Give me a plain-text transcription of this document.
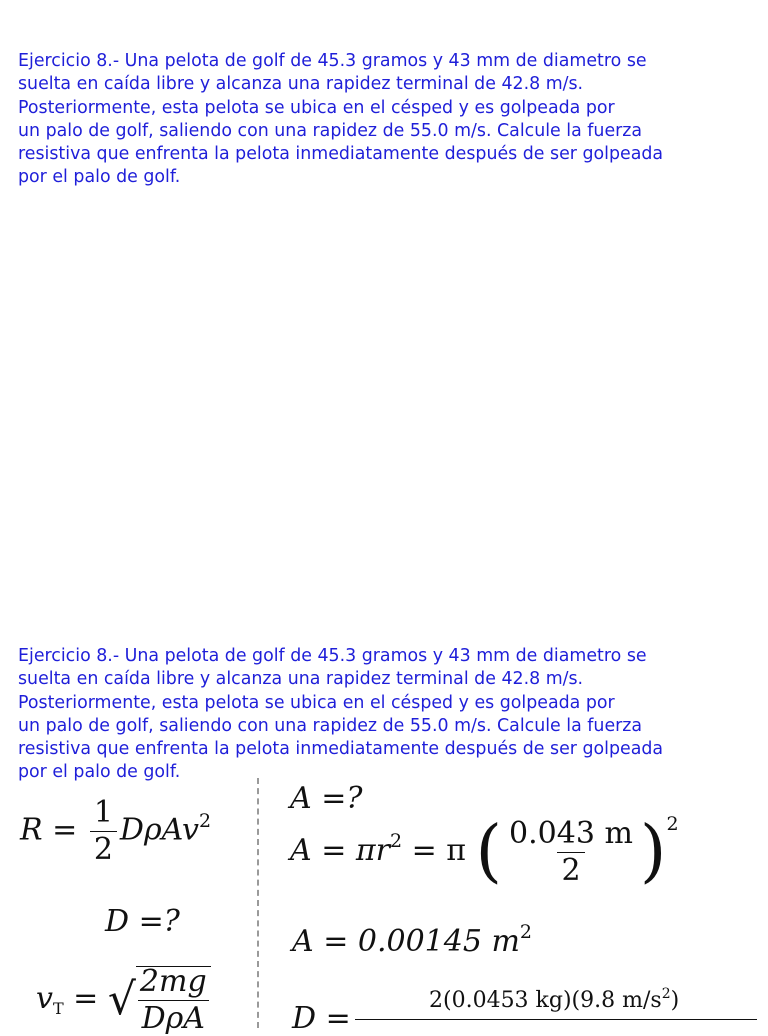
Ejercicio 8.- Una pelota de golf de 45.3 gramos y 43 mm de diametro se
suelta en caída libre y alcanza una rapidez terminal de 42.8 m/s.
Posteriormente, esta pelota se ubica en el césped y es golpeada por
un palo de golf, saliendo con una rapidez de 55.0 m/s. Calcule la fuerza
resistiva que enfrenta la pelota inmediatamente después de ser golpeada
por el palo de golf.
Ejercicio 8.- Una pelota de golf de 45.3 gramos y 43 mm de diametro se
suelta en caída libre y alcanza una rapidez terminal de 42.8 m/s.
Posteriormente, esta pelota se ubica en el césped y es golpeada por
un palo de golf, saliendo con una rapidez de 55.0 m/s. Calcule la fuerza
resistiva que enfrenta la pelota inmediatamente después de ser golpeada
por el palo de golf.
$R = \frac{1}{2} D\rho Av^2$
D =?
$v_T$ = √ $\frac{2mg}{\text{DρA}}$
A =?
$A = \pi r^2 = \pi$ ( $\frac{0.043 m}{2} )^2$
A = 0.00145 $m^2$
2(0.0453 kg)(9.8 $m/s^2$)
D =
